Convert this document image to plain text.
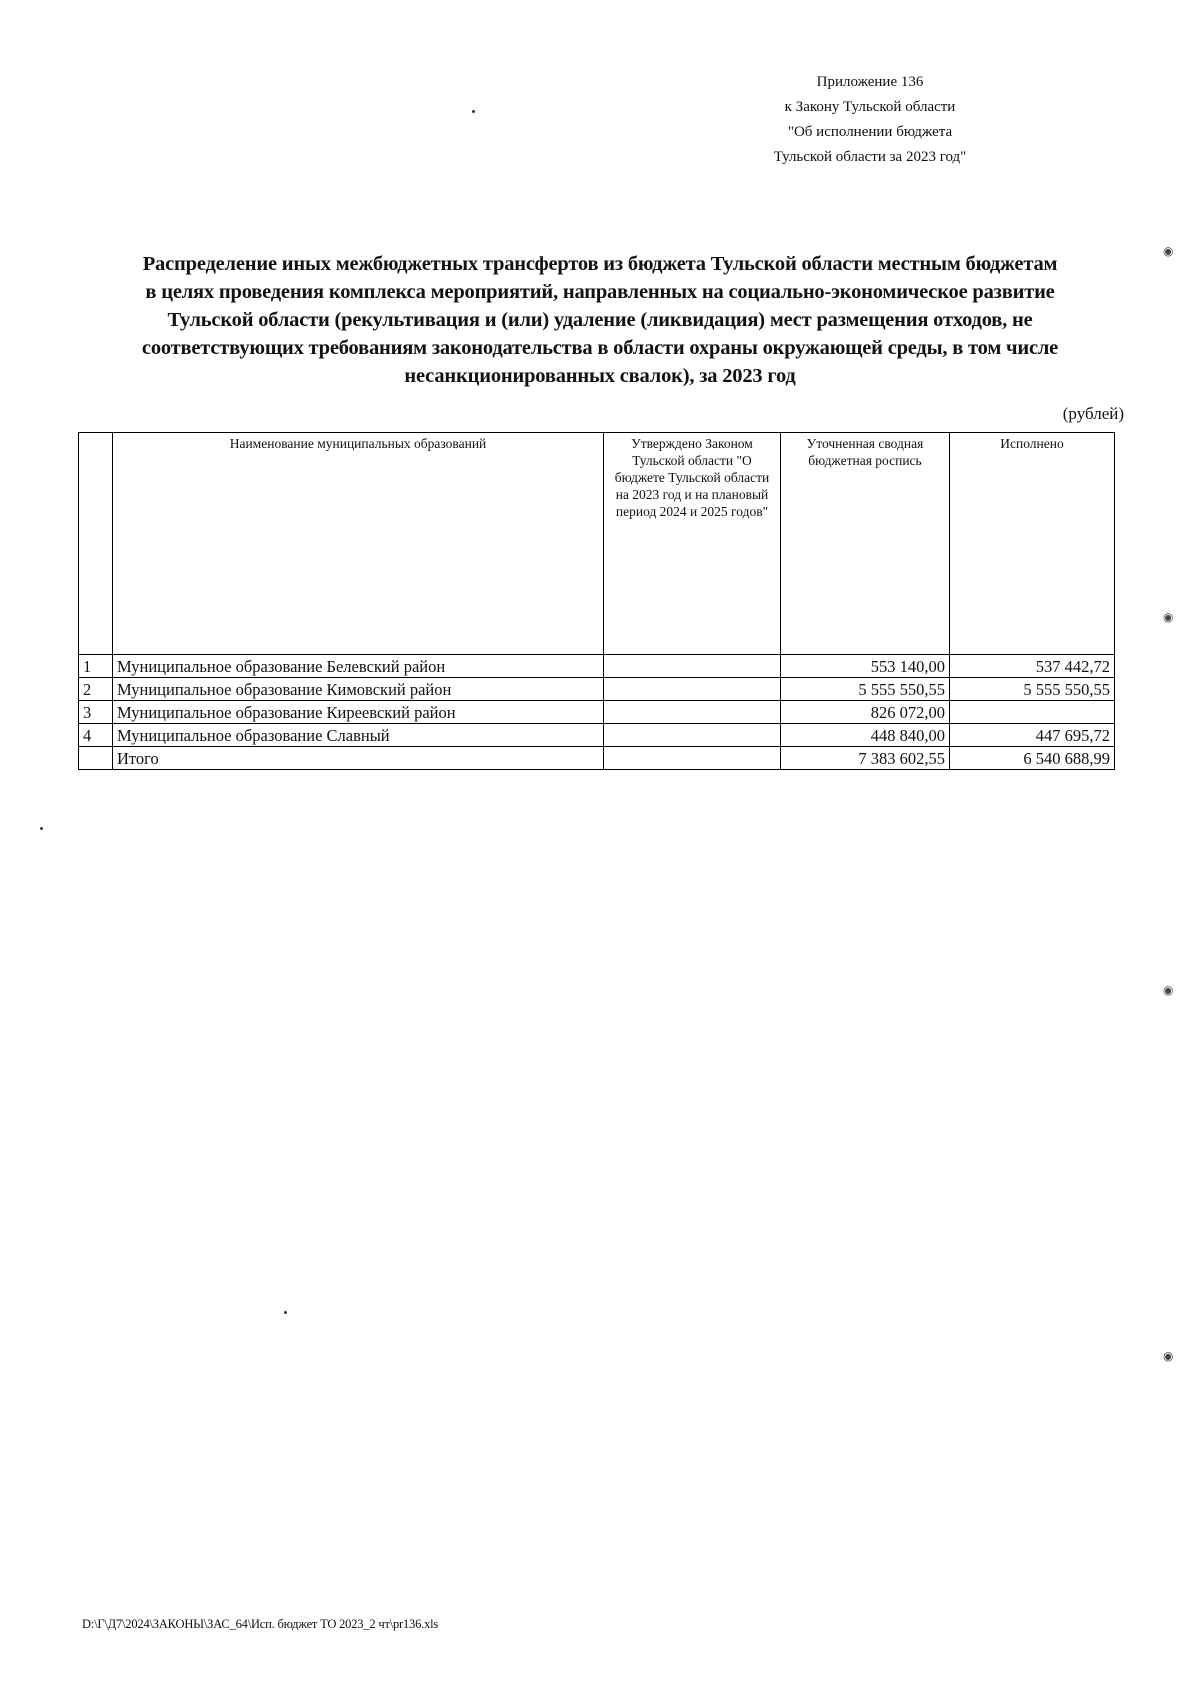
Приложение 136
к Закону Тульской области
"Об исполнении бюджета
Тульской области за 2023 год"
Распределение иных межбюджетных трансфертов из бюджета Тульской области местным бюджетам
в целях проведения комплекса мероприятий, направленных на социально-экономическое развитие
Тульской области (рекультивация и (или) удаление (ликвидация) мест размещения отходов, не
соответствующих требованиям законодательства в области охраны окружающей среды, в том числе
несанкционированных свалок), за 2023 год
(рублей)
	Наименование муниципальных образований	Утверждено Законом Тульской области "О бюджете Тульской области на 2023 год и на плановый период 2024 и 2025 годов"	Уточненная сводная бюджетная роспись	Исполнено
1	Муниципальное образование Белевский район		553 140,00	537 442,72
2	Муниципальное образование Кимовский район		5 555 550,55	5 555 550,55
3	Муниципальное образование Киреевский район		826 072,00	
4	Муниципальное образование Славный		448 840,00	447 695,72
	Итого		7 383 602,55	6 540 688,99
D:\Г\Д7\2024\ЗАКОНЫ\ЗАС_64\Исп. бюджет ТО 2023_2 чт\pr136.xls
◉
◉
◉
◉
